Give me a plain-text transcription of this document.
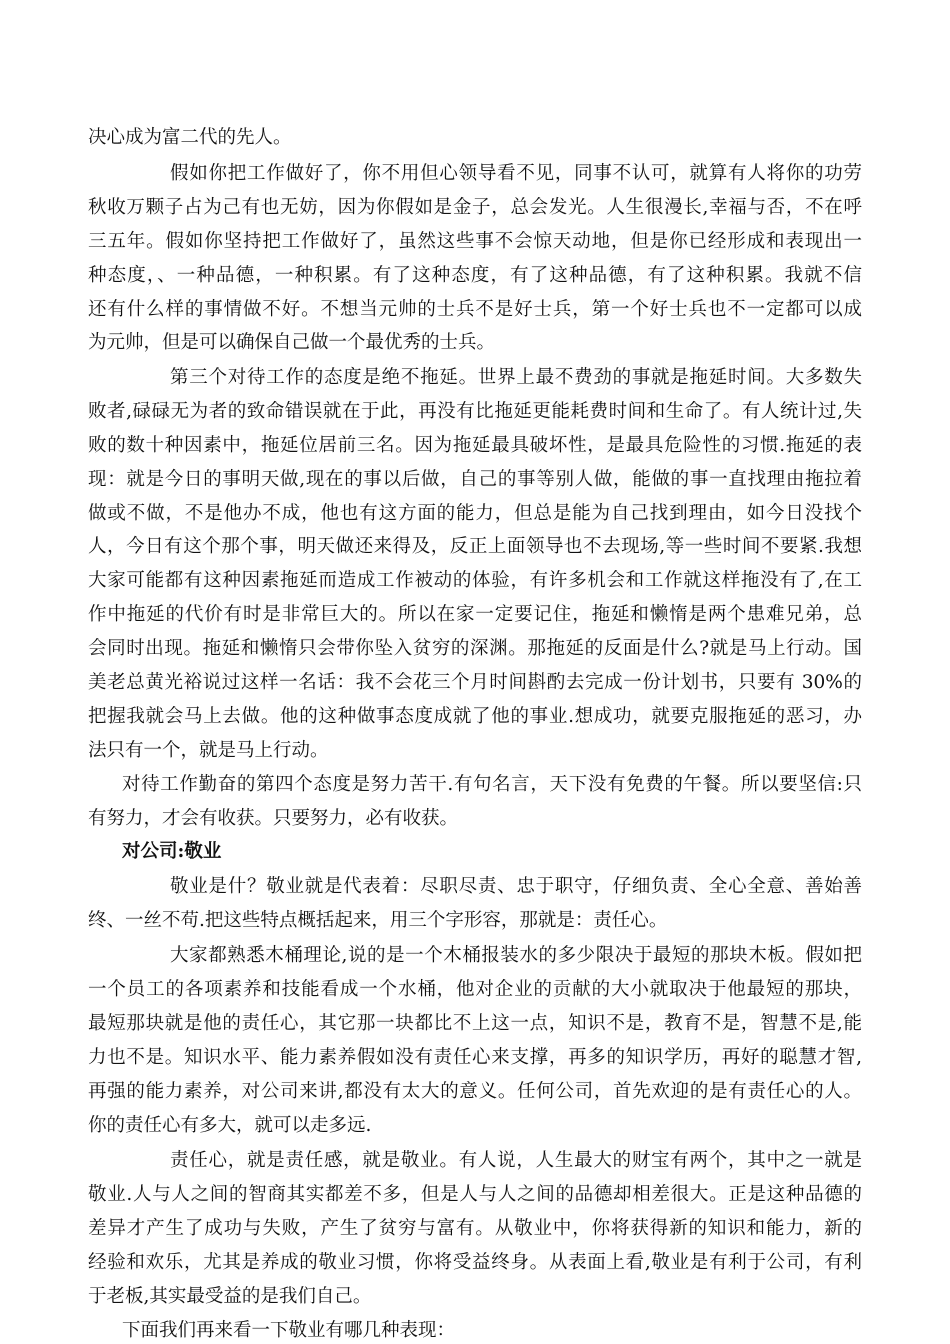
决心成为富二代的先人。
假如你把工作做好了，你不用但心领导看不见，同事不认可，就算有人将你的功劳
秋收万颗子占为己有也无妨，因为你假如是金子，总会发光。人生很漫长,幸福与否，不在呼
三五年。假如你坚持把工作做好了，虽然这些事不会惊天动地，但是你已经形成和表现出一
种态度，、一种品德，一种积累。有了这种态度，有了这种品德，有了这种积累。我就不信
还有什么样的事情做不好。不想当元帅的士兵不是好士兵，第一个好士兵也不一定都可以成
为元帅，但是可以确保自己做一个最优秀的士兵。
第三个对待工作的态度是绝不拖延。世界上最不费劲的事就是拖延时间。大多数失
败者,碌碌无为者的致命错误就在于此，再没有比拖延更能耗费时间和生命了。有人统计过,失
败的数十种因素中，拖延位居前三名。因为拖延最具破坏性，是最具危险性的习惯.拖延的表
现：就是今日的事明天做,现在的事以后做，自己的事等别人做，能做的事一直找理由拖拉着
做或不做，不是他办不成，他也有这方面的能力，但总是能为自己找到理由，如今日没找个
人，今日有这个那个事，明天做还来得及，反正上面领导也不去现场,等一些时间不要紧.我想
大家可能都有这种因素拖延而造成工作被动的体验，有许多机会和工作就这样拖没有了,在工
作中拖延的代价有时是非常巨大的。所以在家一定要记住，拖延和懒惰是两个患难兄弟，总
会同时出现。拖延和懒惰只会带你坠入贫穷的深渊。那拖延的反面是什么?就是马上行动。国
美老总黄光裕说过这样一名话：我不会花三个月时间斟酌去完成一份计划书，只要有 30%的
把握我就会马上去做。他的这种做事态度成就了他的事业.想成功，就要克服拖延的恶习，办
法只有一个，就是马上行动。
对待工作勤奋的第四个态度是努力苦干.有句名言，天下没有免费的午餐。所以要坚信:只
有努力，才会有收获。只要努力，必有收获。
对公司:敬业
敬业是什？敬业就是代表着：尽职尽责、忠于职守，仔细负责、全心全意、善始善
终、一丝不苟.把这些特点概括起来，用三个字形容，那就是：责任心。
大家都熟悉木桶理论,说的是一个木桶报装水的多少限决于最短的那块木板。假如把
一个员工的各项素养和技能看成一个水桶，他对企业的贡献的大小就取决于他最短的那块，
最短那块就是他的责任心，其它那一块都比不上这一点，知识不是，教育不是，智慧不是,能
力也不是。知识水平、能力素养假如没有责任心来支撑，再多的知识学历，再好的聪慧才智,
再强的能力素养，对公司来讲,都没有太大的意义。任何公司，首先欢迎的是有责任心的人。
你的责任心有多大，就可以走多远.
责任心，就是责任感，就是敬业。有人说，人生最大的财宝有两个，其中之一就是
敬业.人与人之间的智商其实都差不多，但是人与人之间的品德却相差很大。正是这种品德的
差异才产生了成功与失败，产生了贫穷与富有。从敬业中，你将获得新的知识和能力，新的
经验和欢乐，尤其是养成的敬业习惯，你将受益终身。从表面上看,敬业是有利于公司，有利
于老板,其实最受益的是我们自己。
下面我们再来看一下敬业有哪几种表现：
